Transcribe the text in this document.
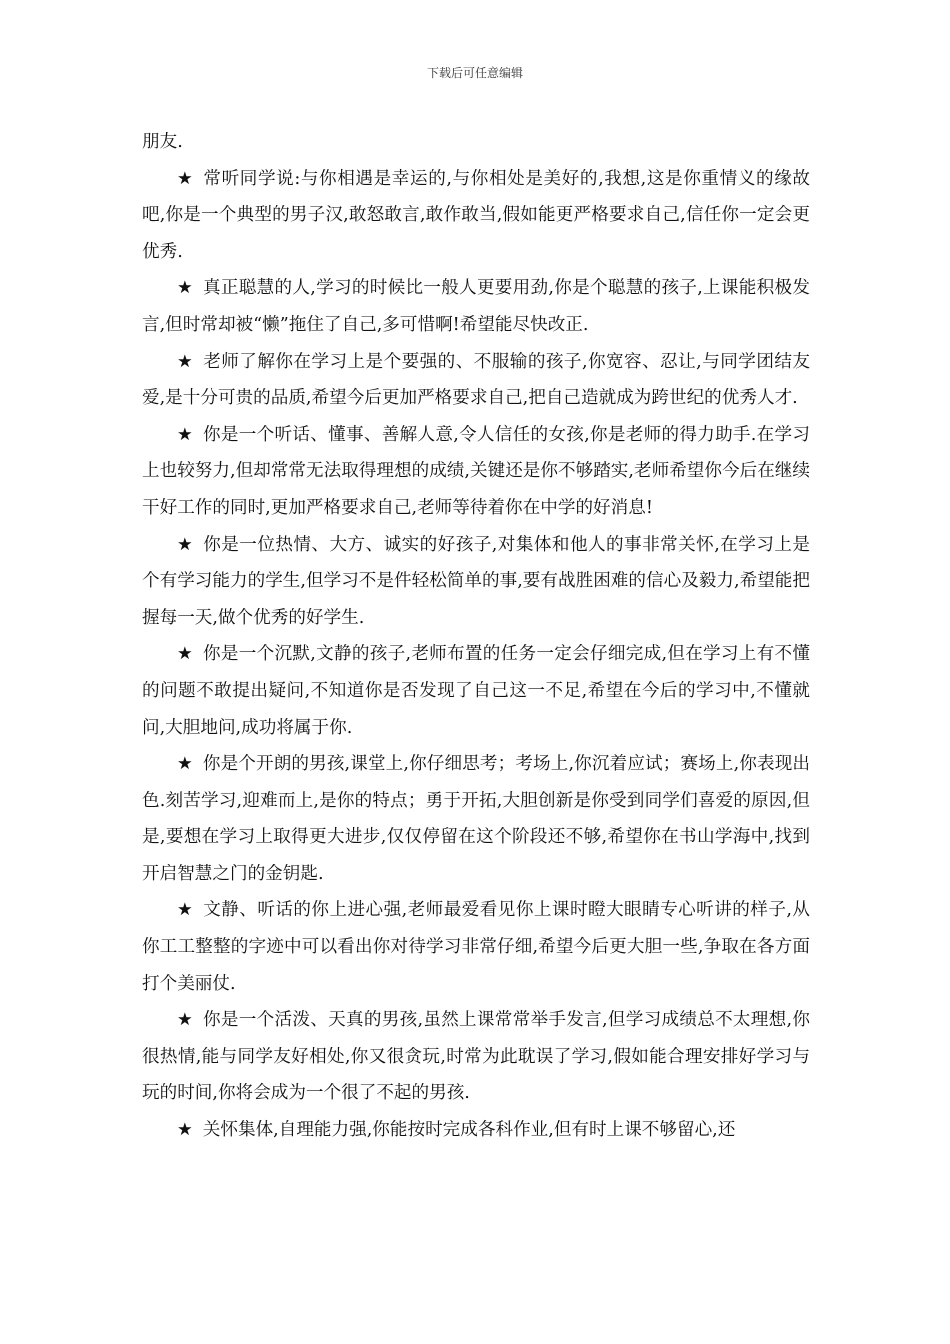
下载后可任意编辑

朋友.

★ 常听同学说:与你相遇是幸运的,与你相处是美好的,我想,这是你重情义的缘故吧,你是一个典型的男子汉,敢怒敢言,敢作敢当,假如能更严格要求自己,信任你一定会更优秀.

★ 真正聪慧的人,学习的时候比一般人更要用劲,你是个聪慧的孩子,上课能积极发言,但时常却被“懒”拖住了自己,多可惜啊!希望能尽快改正.

★ 老师了解你在学习上是个要强的、不服输的孩子,你宽容、忍让,与同学团结友爱,是十分可贵的品质,希望今后更加严格要求自己,把自己造就成为跨世纪的优秀人才.

★ 你是一个听话、懂事、善解人意,令人信任的女孩,你是老师的得力助手.在学习上也较努力,但却常常无法取得理想的成绩,关键还是你不够踏实,老师希望你今后在继续干好工作的同时,更加严格要求自己,老师等待着你在中学的好消息!

★ 你是一位热情、大方、诚实的好孩子,对集体和他人的事非常关怀,在学习上是个有学习能力的学生,但学习不是件轻松简单的事,要有战胜困难的信心及毅力,希望能把握每一天,做个优秀的好学生.

★ 你是一个沉默,文静的孩子,老师布置的任务一定会仔细完成,但在学习上有不懂的问题不敢提出疑问,不知道你是否发现了自己这一不足,希望在今后的学习中,不懂就问,大胆地问,成功将属于你.

★ 你是个开朗的男孩,课堂上,你仔细思考；考场上,你沉着应试；赛场上,你表现出色.刻苦学习,迎难而上,是你的特点；勇于开拓,大胆创新是你受到同学们喜爱的原因,但是,要想在学习上取得更大进步,仅仅停留在这个阶段还不够,希望你在书山学海中,找到开启智慧之门的金钥匙.

★ 文静、听话的你上进心强,老师最爱看见你上课时瞪大眼睛专心听讲的样子,从你工工整整的字迹中可以看出你对待学习非常仔细,希望今后更大胆一些,争取在各方面打个美丽仗.

★ 你是一个活泼、天真的男孩,虽然上课常常举手发言,但学习成绩总不太理想,你很热情,能与同学友好相处,你又很贪玩,时常为此耽误了学习,假如能合理安排好学习与玩的时间,你将会成为一个很了不起的男孩.

★ 关怀集体,自理能力强,你能按时完成各科作业,但有时上课不够留心,还
